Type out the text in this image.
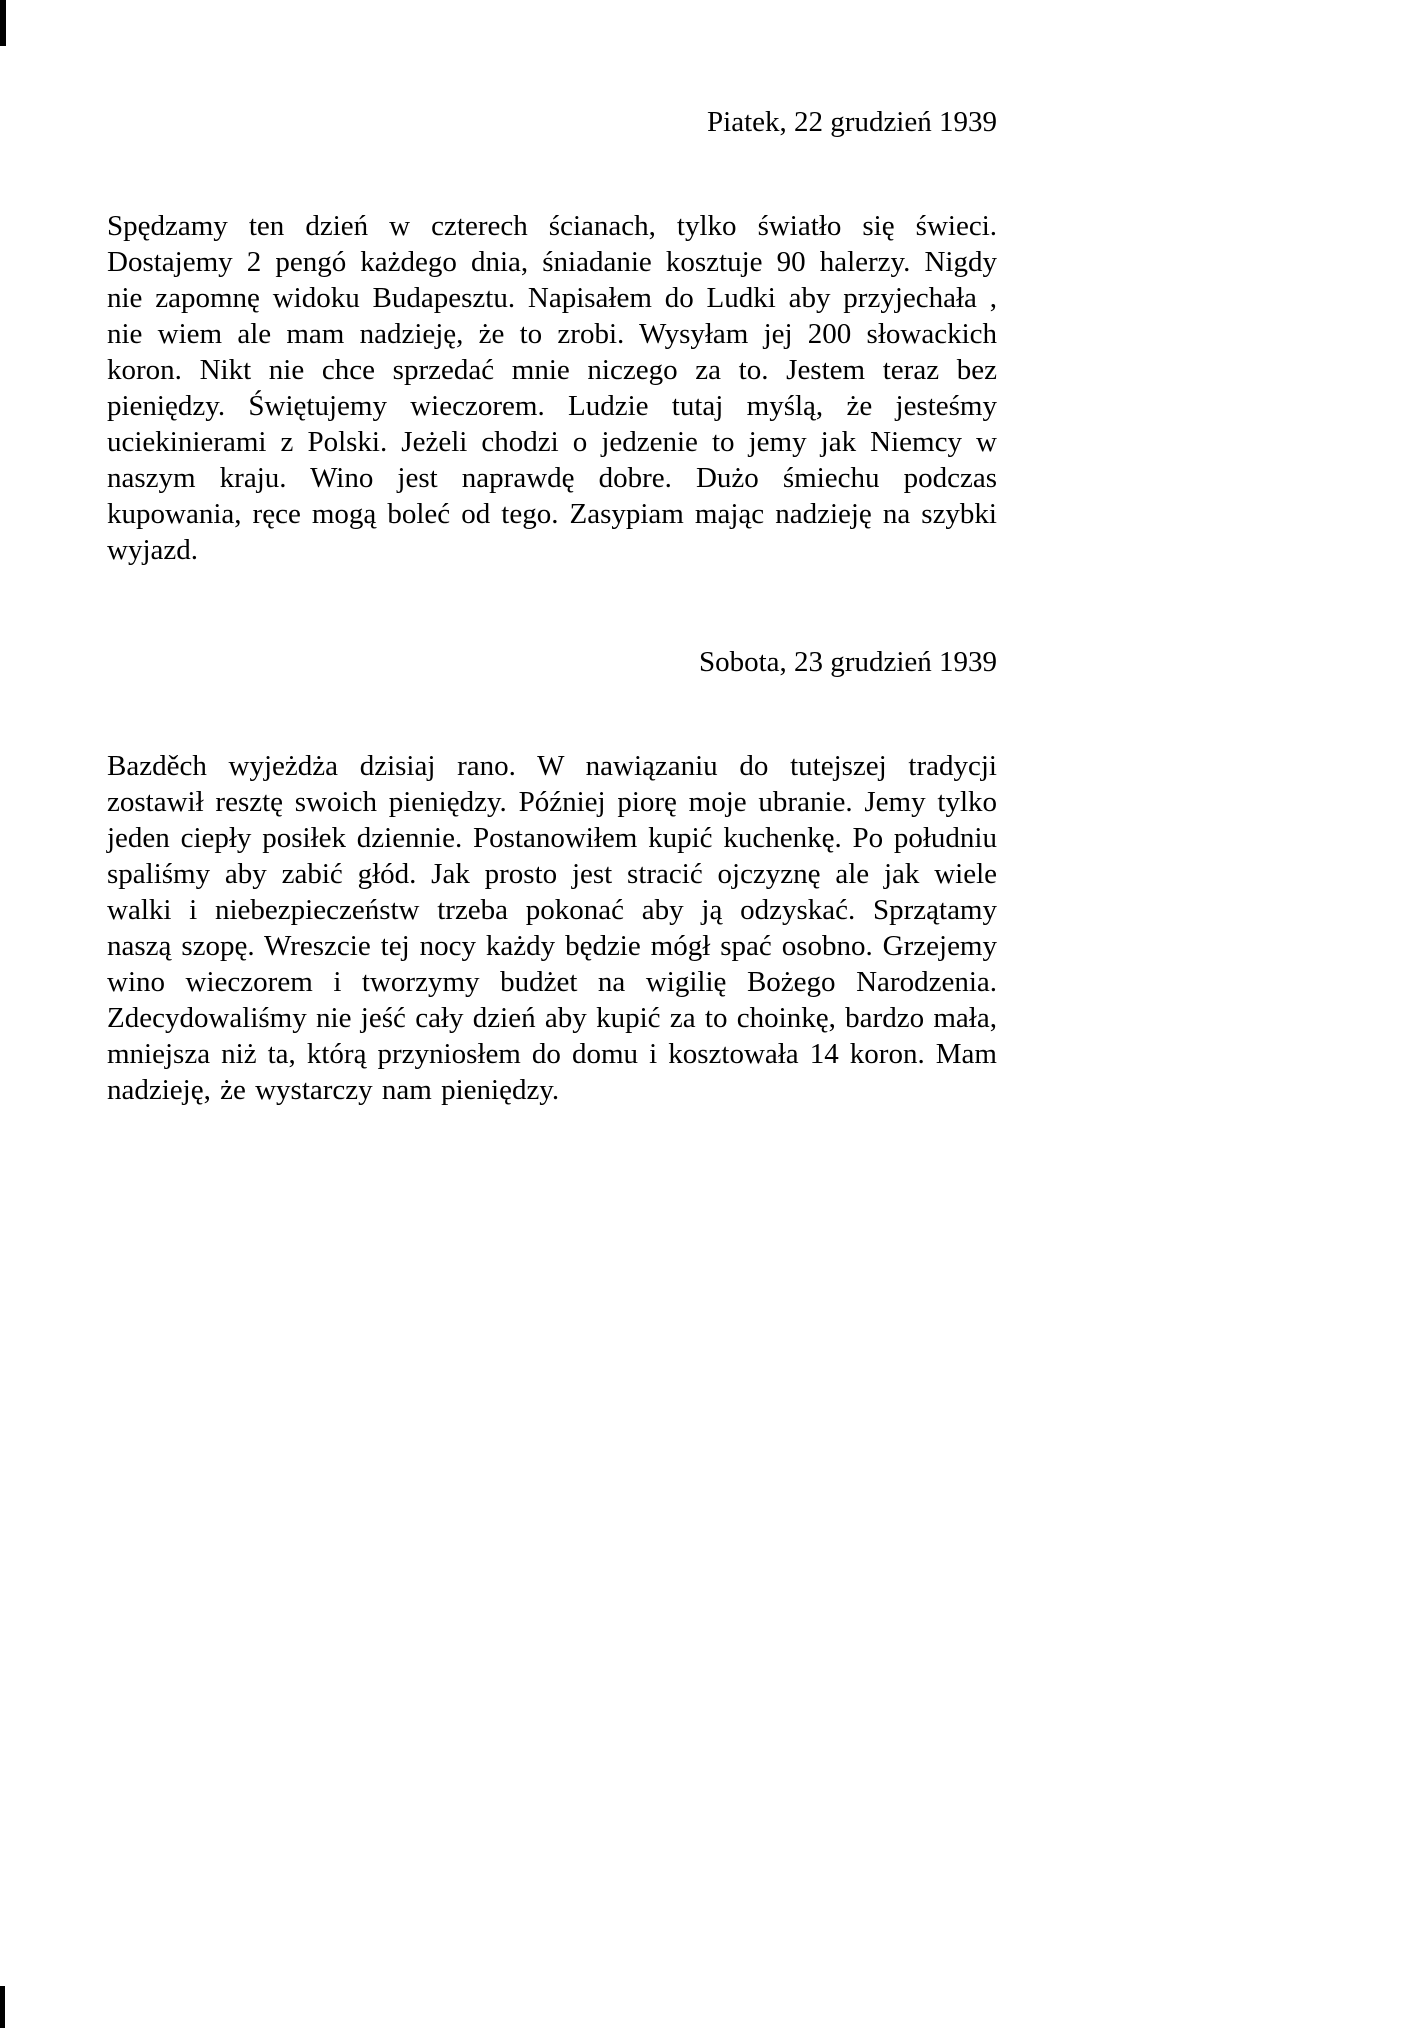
Piatek, 22 grudzień 1939

Spędzamy ten dzień w czterech ścianach, tylko światło się świeci. Dostajemy 2 pengó każdego dnia, śniadanie kosztuje 90 halerzy. Nigdy nie zapomnę widoku Budapesztu. Napisałem do Ludki aby przyjechała , nie wiem ale mam nadzieję, że to zrobi. Wysyłam jej 200 słowackich koron. Nikt nie chce sprzedać mnie niczego za to. Jestem teraz bez pieniędzy. Świętujemy wieczorem. Ludzie tutaj myślą, że jesteśmy uciekinierami z Polski. Jeżeli chodzi o jedzenie to jemy jak Niemcy w naszym kraju. Wino jest naprawdę dobre. Dużo śmiechu podczas kupowania, ręce mogą boleć od tego. Zasypiam mając nadzieję na szybki wyjazd.

Sobota, 23 grudzień 1939

Bazděch wyjeżdża dzisiaj rano. W nawiązaniu do tutejszej tradycji zostawił resztę swoich pieniędzy. Później piorę moje ubranie. Jemy tylko jeden ciepły posiłek dziennie. Postanowiłem kupić kuchenkę. Po południu spaliśmy aby zabić głód. Jak prosto jest stracić ojczyznę ale jak wiele walki i niebezpieczeństw trzeba pokonać aby ją odzyskać. Sprzątamy naszą szopę. Wreszcie tej nocy każdy będzie mógł spać osobno. Grzejemy wino wieczorem i tworzymy budżet na wigilię Bożego Narodzenia. Zdecydowaliśmy nie jeść cały dzień aby kupić za to choinkę, bardzo mała, mniejsza niż ta, którą przyniosłem do domu i kosztowała 14 koron. Mam nadzieję, że wystarczy nam pieniędzy.
